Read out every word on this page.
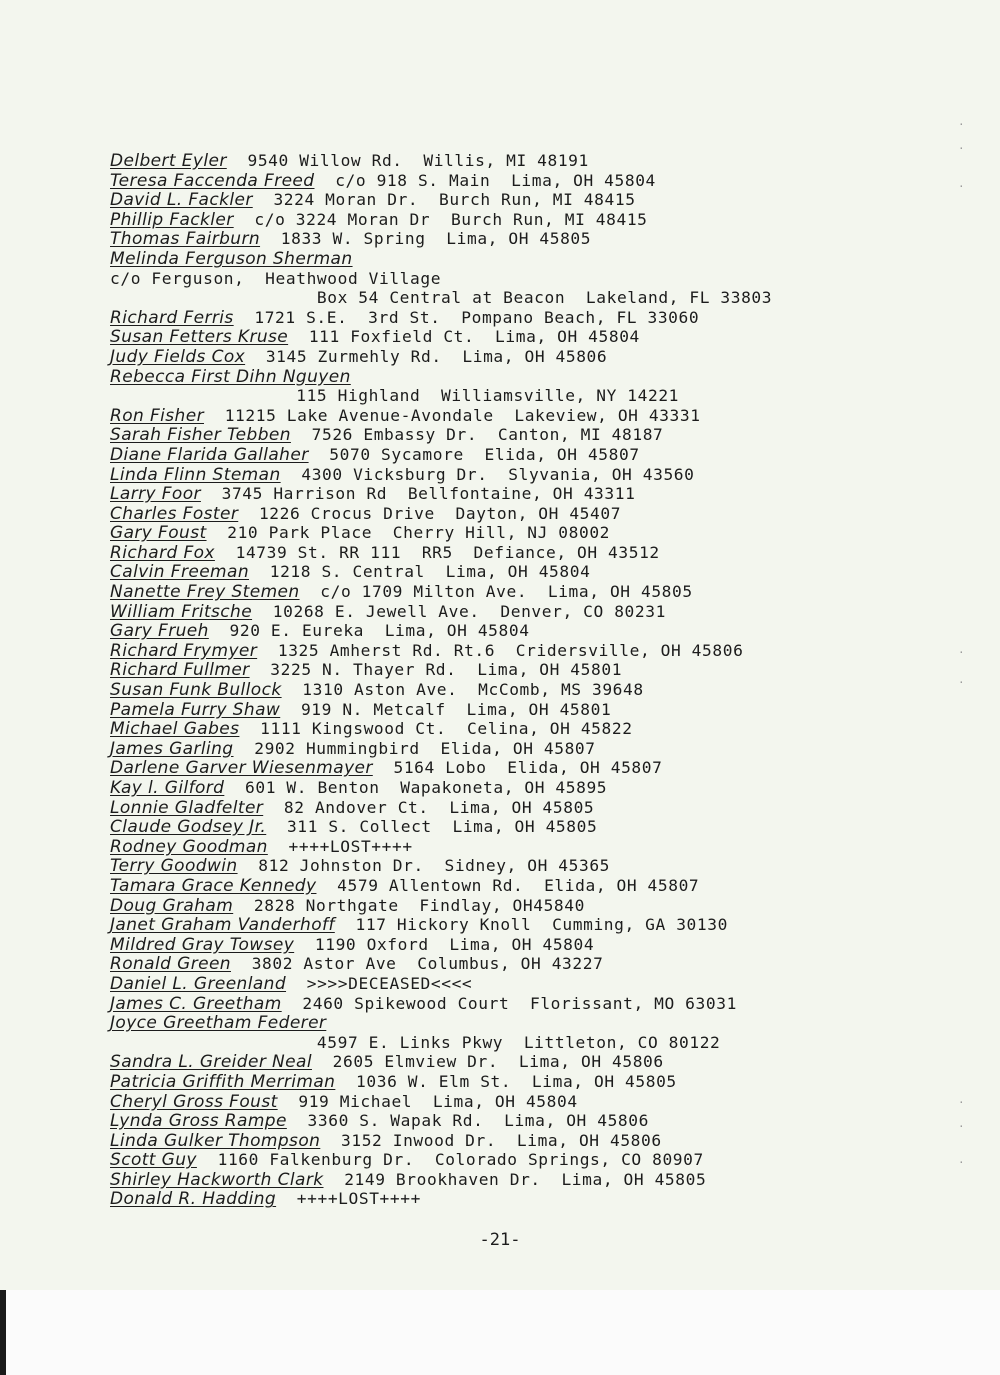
·
·
·
·
·
·
·
·
Delbert Eyler 9540 Willow Rd.  Willis, MI 48191
Teresa Faccenda Freed c/o 918 S. Main  Lima, OH 45804
David L. Fackler 3224 Moran Dr.  Burch Run, MI 48415
Phillip Fackler c/o 3224 Moran Dr  Burch Run, MI 48415
Thomas Fairburn 1833 W. Spring  Lima, OH 45805
Melinda Ferguson Sherman
c/o Ferguson,  Heathwood Village
Box 54 Central at Beacon  Lakeland, FL 33803
Richard Ferris 1721 S.E.  3rd St.  Pompano Beach, FL 33060
Susan Fetters Kruse 111 Foxfield Ct.  Lima, OH 45804
Judy Fields Cox 3145 Zurmehly Rd.  Lima, OH 45806
Rebecca First Dihn Nguyen
115 Highland  Williamsville, NY 14221
Ron Fisher 11215 Lake Avenue-Avondale  Lakeview, OH 43331
Sarah Fisher Tebben 7526 Embassy Dr.  Canton, MI 48187
Diane Flarida Gallaher 5070 Sycamore  Elida, OH 45807
Linda Flinn Steman 4300 Vicksburg Dr.  Slyvania, OH 43560
Larry Foor 3745 Harrison Rd  Bellfontaine, OH 43311
Charles Foster 1226 Crocus Drive  Dayton, OH 45407
Gary Foust 210 Park Place  Cherry Hill, NJ 08002
Richard Fox 14739 St. RR 111  RR5  Defiance, OH 43512
Calvin Freeman 1218 S. Central  Lima, OH 45804
Nanette Frey Stemen c/o 1709 Milton Ave.  Lima, OH 45805
William Fritsche 10268 E. Jewell Ave.  Denver, CO 80231
Gary Frueh 920 E. Eureka  Lima, OH 45804
Richard Frymyer 1325 Amherst Rd. Rt.6  Cridersville, OH 45806
Richard Fullmer 3225 N. Thayer Rd.  Lima, OH 45801
Susan Funk Bullock 1310 Aston Ave.  McComb, MS 39648
Pamela Furry Shaw 919 N. Metcalf  Lima, OH 45801
Michael Gabes 1111 Kingswood Ct.  Celina, OH 45822
James Garling 2902 Hummingbird  Elida, OH 45807
Darlene Garver Wiesenmayer 5164 Lobo  Elida, OH 45807
Kay l. Gilford 601 W. Benton  Wapakoneta, OH 45895
Lonnie Gladfelter 82 Andover Ct.  Lima, OH 45805
Claude Godsey Jr. 311 S. Collect  Lima, OH 45805
Rodney Goodman ++++LOST++++
Terry Goodwin 812 Johnston Dr.  Sidney, OH 45365
Tamara Grace Kennedy 4579 Allentown Rd.  Elida, OH 45807
Doug Graham 2828 Northgate  Findlay, OH45840
Janet Graham Vanderhoff 117 Hickory Knoll  Cumming, GA 30130
Mildred Gray Towsey 1190 Oxford  Lima, OH 45804
Ronald Green 3802 Astor Ave  Columbus, OH 43227
Daniel L. Greenland >>>>DECEASED<<<<
James C. Greetham 2460 Spikewood Court  Florissant, MO 63031
Joyce Greetham Federer
4597 E. Links Pkwy  Littleton, CO 80122
Sandra L. Greider Neal 2605 Elmview Dr.  Lima, OH 45806
Patricia Griffith Merriman 1036 W. Elm St.  Lima, OH 45805
Cheryl Gross Foust 919 Michael  Lima, OH 45804
Lynda Gross Rampe 3360 S. Wapak Rd.  Lima, OH 45806
Linda Gulker Thompson 3152 Inwood Dr.  Lima, OH 45806
Scott Guy 1160 Falkenburg Dr.  Colorado Springs, CO 80907
Shirley Hackworth Clark 2149 Brookhaven Dr.  Lima, OH 45805
Donald R. Hadding ++++LOST++++
-21-
